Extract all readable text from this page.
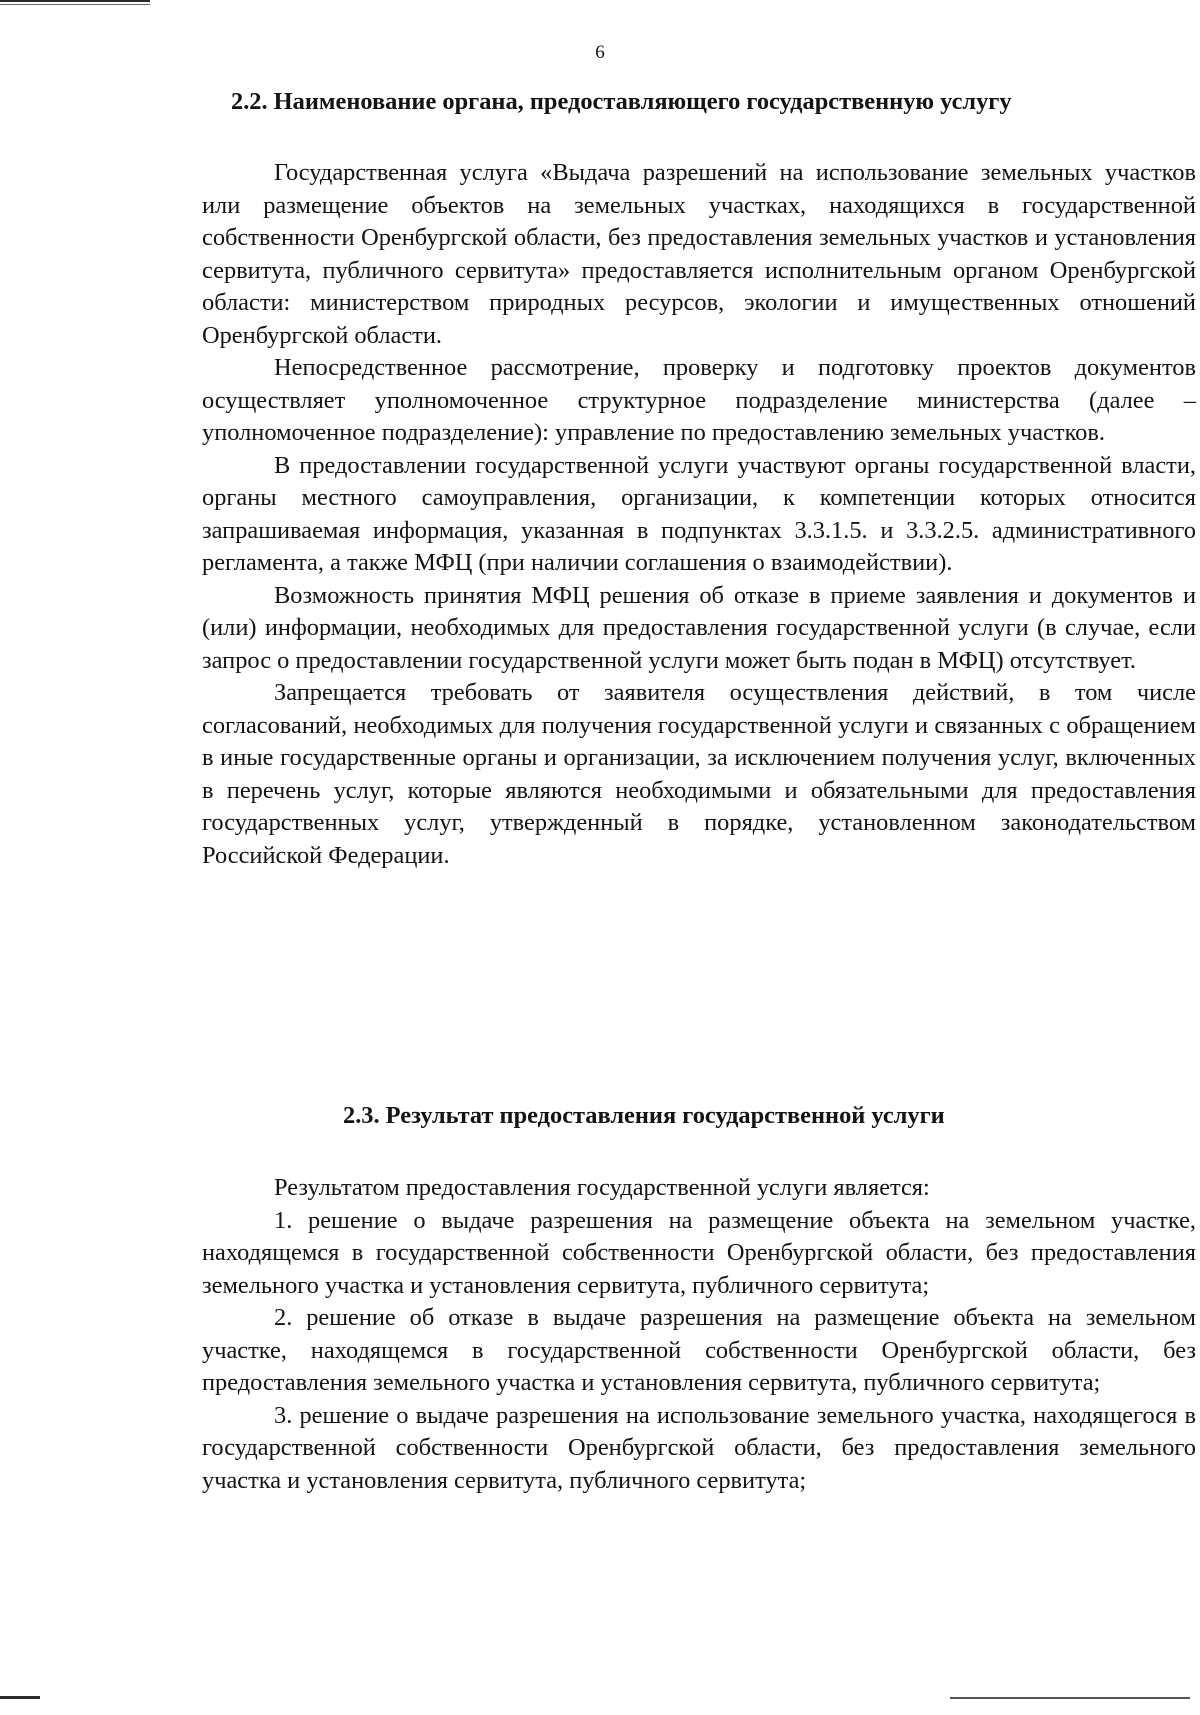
6
2.2. Наименование органа, предоставляющего государственную услугу

Государственная услуга «Выдача разрешений на использование земельных участков или размещение объектов на земельных участках, находящихся в государственной собственности Оренбургской области, без предоставления земельных участков и установления сервитута, публичного сервитута» предоставляется исполнительным органом Оренбургской области: министерством природных ресурсов, экологии и имущественных отношений Оренбургской области.

Непосредственное рассмотрение, проверку и подготовку проектов документов осуществляет уполномоченное структурное подразделение министерства (далее – уполномоченное подразделение): управление по предоставлению земельных участков.

В предоставлении государственной услуги участвуют органы государственной власти, органы местного самоуправления, организации, к компетенции которых относится запрашиваемая информация, указанная в подпунктах 3.3.1.5. и 3.3.2.5. административного регламента, а также МФЦ (при наличии соглашения о взаимодействии).

Возможность принятия МФЦ решения об отказе в приеме заявления и документов и (или) информации, необходимых для предоставления государственной услуги (в случае, если запрос о предоставлении государственной услуги может быть подан в МФЦ) отсутствует.

Запрещается требовать от заявителя осуществления действий, в том числе согласований, необходимых для получения государственной услуги и связанных с обращением в иные государственные органы и организации, за исключением получения услуг, включенных в перечень услуг, которые являются необходимыми и обязательными для предоставления государственных услуг, утвержденный в порядке, установленном законодательством Российской Федерации.

2.3. Результат предоставления государственной услуги

Результатом предоставления государственной услуги является:

1. решение о выдаче разрешения на размещение объекта на земельном участке, находящемся в государственной собственности Оренбургской области, без предоставления земельного участка и установления сервитута, публичного сервитута;

2. решение об отказе в выдаче разрешения на размещение объекта на земельном участке, находящемся в государственной собственности Оренбургской области, без предоставления земельного участка и установления сервитута, публичного сервитута;

3. решение о выдаче разрешения на использование земельного участка, находящегося в государственной собственности Оренбургской области, без предоставления земельного участка и установления сервитута, публичного сервитута;
